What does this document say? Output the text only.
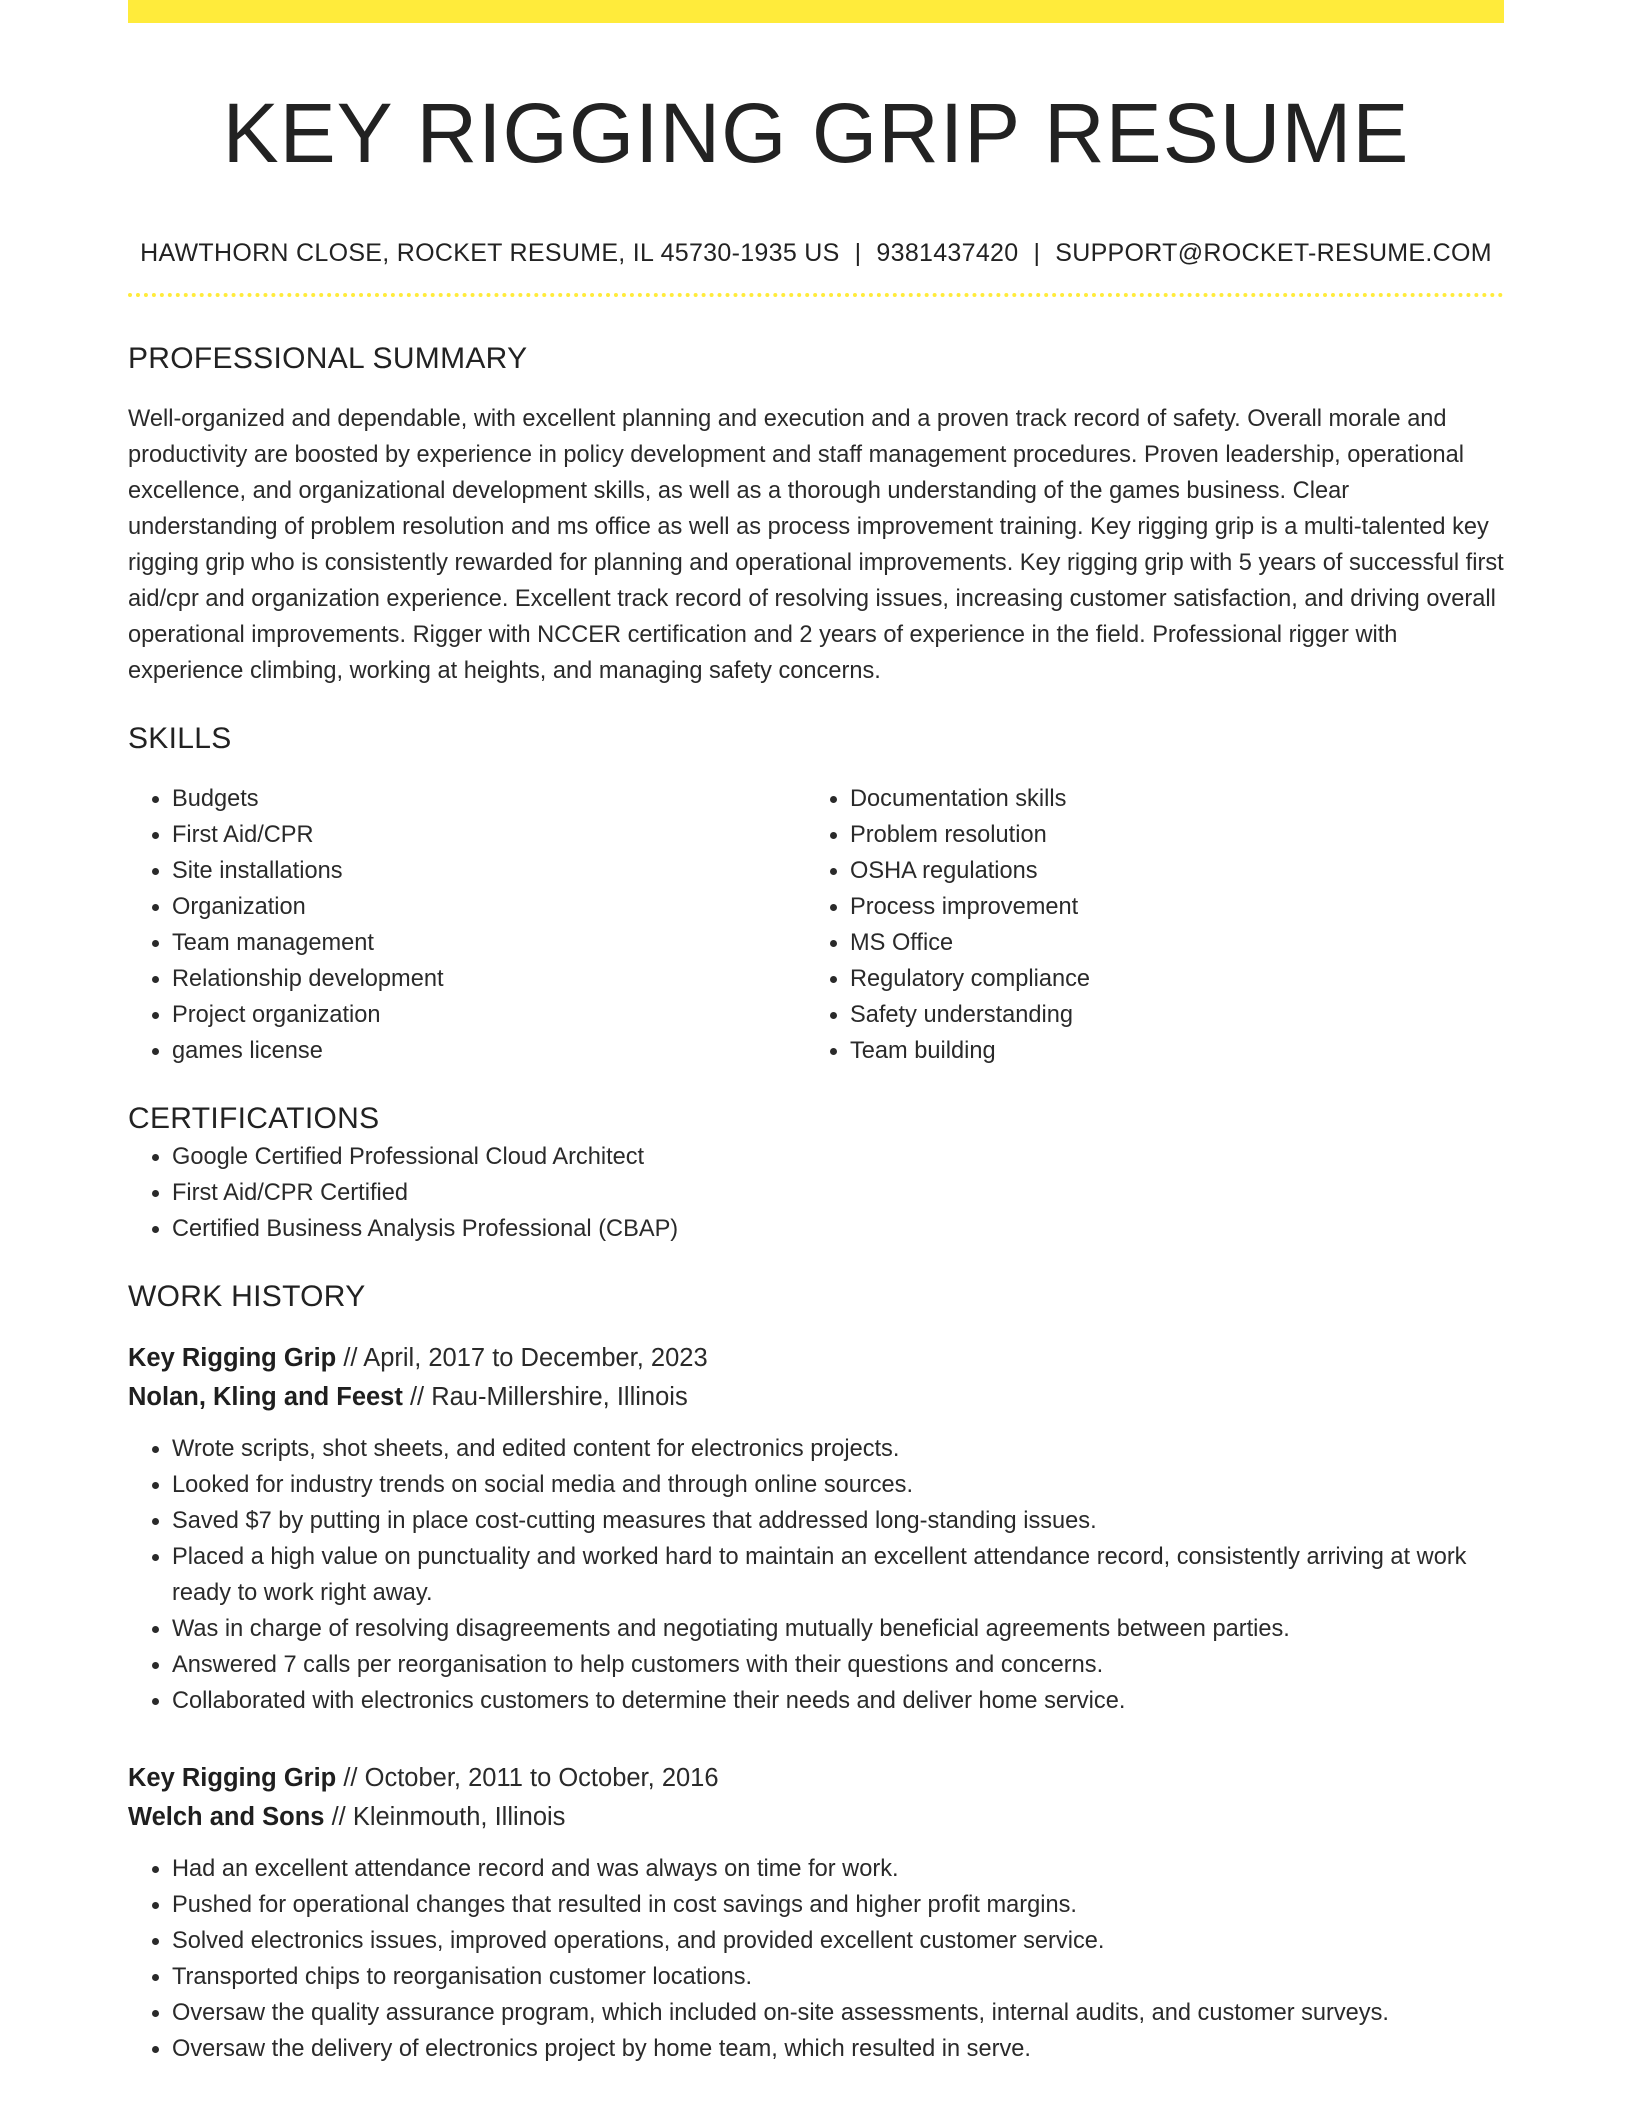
KEY RIGGING GRIP RESUME
HAWTHORN CLOSE, ROCKET RESUME, IL 45730-1935 US | 9381437420 | SUPPORT@ROCKET-RESUME.COM
PROFESSIONAL SUMMARY

Well-organized and dependable, with excellent planning and execution and a proven track record of safety. Overall morale and productivity are boosted by experience in policy development and staff management procedures. Proven leadership, operational excellence, and organizational development skills, as well as a thorough understanding of the games business. Clear understanding of problem resolution and ms office as well as process improvement training. Key rigging grip is a multi-talented key rigging grip who is consistently rewarded for planning and operational improvements. Key rigging grip with 5 years of successful first aid/cpr and organization experience. Excellent track record of resolving issues, increasing customer satisfaction, and driving overall operational improvements. Rigger with NCCER certification and 2 years of experience in the field. Professional rigger with experience climbing, working at heights, and managing safety concerns.

SKILLS
• Budgets
• First Aid/CPR
• Site installations
• Organization
• Team management
• Relationship development
• Project organization
• games license
• Documentation skills
• Problem resolution
• OSHA regulations
• Process improvement
• MS Office
• Regulatory compliance
• Safety understanding
• Team building
CERTIFICATIONS
• Google Certified Professional Cloud Architect
• First Aid/CPR Certified
• Certified Business Analysis Professional (CBAP)
WORK HISTORY
Key Rigging Grip // April, 2017 to December, 2023
Nolan, Kling and Feest // Rau-Millershire, Illinois
• Wrote scripts, shot sheets, and edited content for electronics projects.
• Looked for industry trends on social media and through online sources.
• Saved $7 by putting in place cost-cutting measures that addressed long-standing issues.
• Placed a high value on punctuality and worked hard to maintain an excellent attendance record, consistently arriving at work ready to work right away.
• Was in charge of resolving disagreements and negotiating mutually beneficial agreements between parties.
• Answered 7 calls per reorganisation to help customers with their questions and concerns.
• Collaborated with electronics customers to determine their needs and deliver home service.
Key Rigging Grip // October, 2011 to October, 2016
Welch and Sons // Kleinmouth, Illinois
• Had an excellent attendance record and was always on time for work.
• Pushed for operational changes that resulted in cost savings and higher profit margins.
• Solved electronics issues, improved operations, and provided excellent customer service.
• Transported chips to reorganisation customer locations.
• Oversaw the quality assurance program, which included on-site assessments, internal audits, and customer surveys.
• Oversaw the delivery of electronics project by home team, which resulted in serve.
